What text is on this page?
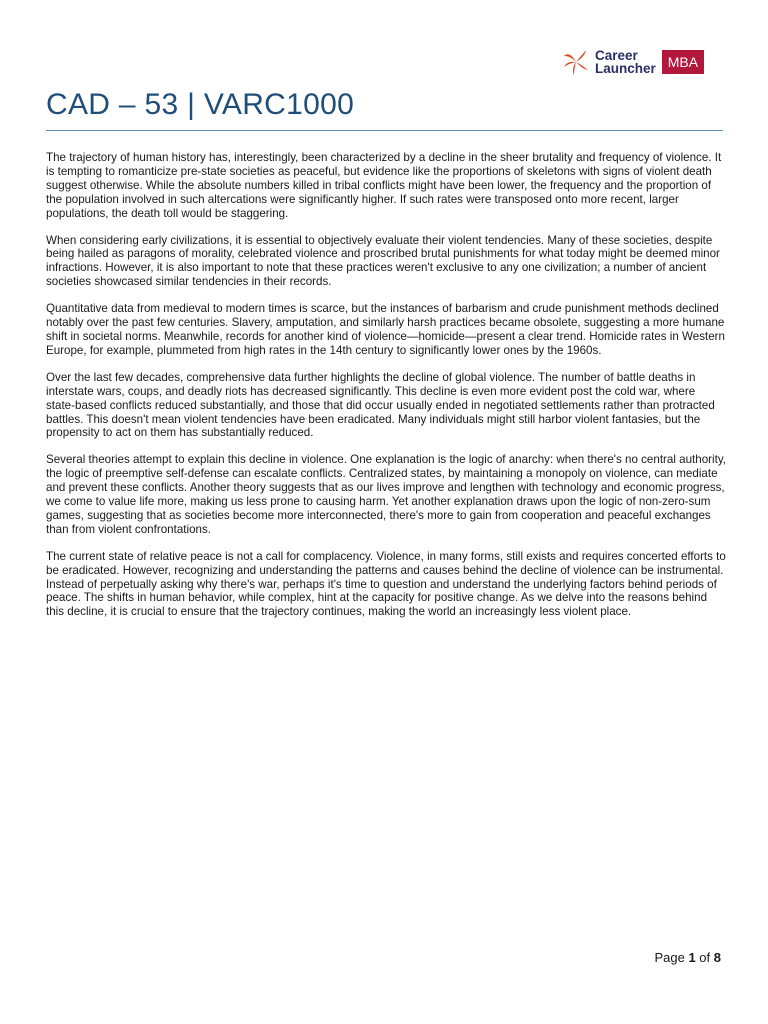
Career
Launcher MBA
CAD – 53 | VARC1000

The trajectory of human history has, interestingly, been characterized by a decline in the sheer brutality and frequency of violence. It is tempting to romanticize pre-state societies as peaceful, but evidence like the proportions of skeletons with signs of violent death suggest otherwise. While the absolute numbers killed in tribal conflicts might have been lower, the frequency and the proportion of the population involved in such altercations were significantly higher. If such rates were transposed onto more recent, larger populations, the death toll would be staggering.

When considering early civilizations, it is essential to objectively evaluate their violent tendencies. Many of these societies, despite being hailed as paragons of morality, celebrated violence and proscribed brutal punishments for what today might be deemed minor infractions. However, it is also important to note that these practices weren't exclusive to any one civilization; a number of ancient societies showcased similar tendencies in their records.

Quantitative data from medieval to modern times is scarce, but the instances of barbarism and crude punishment methods declined notably over the past few centuries. Slavery, amputation, and similarly harsh practices became obsolete, suggesting a more humane shift in societal norms. Meanwhile, records for another kind of violence—homicide—present a clear trend. Homicide rates in Western Europe, for example, plummeted from high rates in the 14th century to significantly lower ones by the 1960s.

Over the last few decades, comprehensive data further highlights the decline of global violence. The number of battle deaths in interstate wars, coups, and deadly riots has decreased significantly. This decline is even more evident post the cold war, where state-based conflicts reduced substantially, and those that did occur usually ended in negotiated settlements rather than protracted battles. This doesn't mean violent tendencies have been eradicated. Many individuals might still harbor violent fantasies, but the propensity to act on them has substantially reduced.

Several theories attempt to explain this decline in violence. One explanation is the logic of anarchy: when there's no central authority, the logic of preemptive self-defense can escalate conflicts. Centralized states, by maintaining a monopoly on violence, can mediate and prevent these conflicts. Another theory suggests that as our lives improve and lengthen with technology and economic progress, we come to value life more, making us less prone to causing harm. Yet another explanation draws upon the logic of non-zero-sum games, suggesting that as societies become more interconnected, there's more to gain from cooperation and peaceful exchanges than from violent confrontations.

The current state of relative peace is not a call for complacency. Violence, in many forms, still exists and requires concerted efforts to be eradicated. However, recognizing and understanding the patterns and causes behind the decline of violence can be instrumental. Instead of perpetually asking why there's war, perhaps it's time to question and understand the underlying factors behind periods of peace. The shifts in human behavior, while complex, hint at the capacity for positive change. As we delve into the reasons behind this decline, it is crucial to ensure that the trajectory continues, making the world an increasingly less violent place.

Page 1 of 8
